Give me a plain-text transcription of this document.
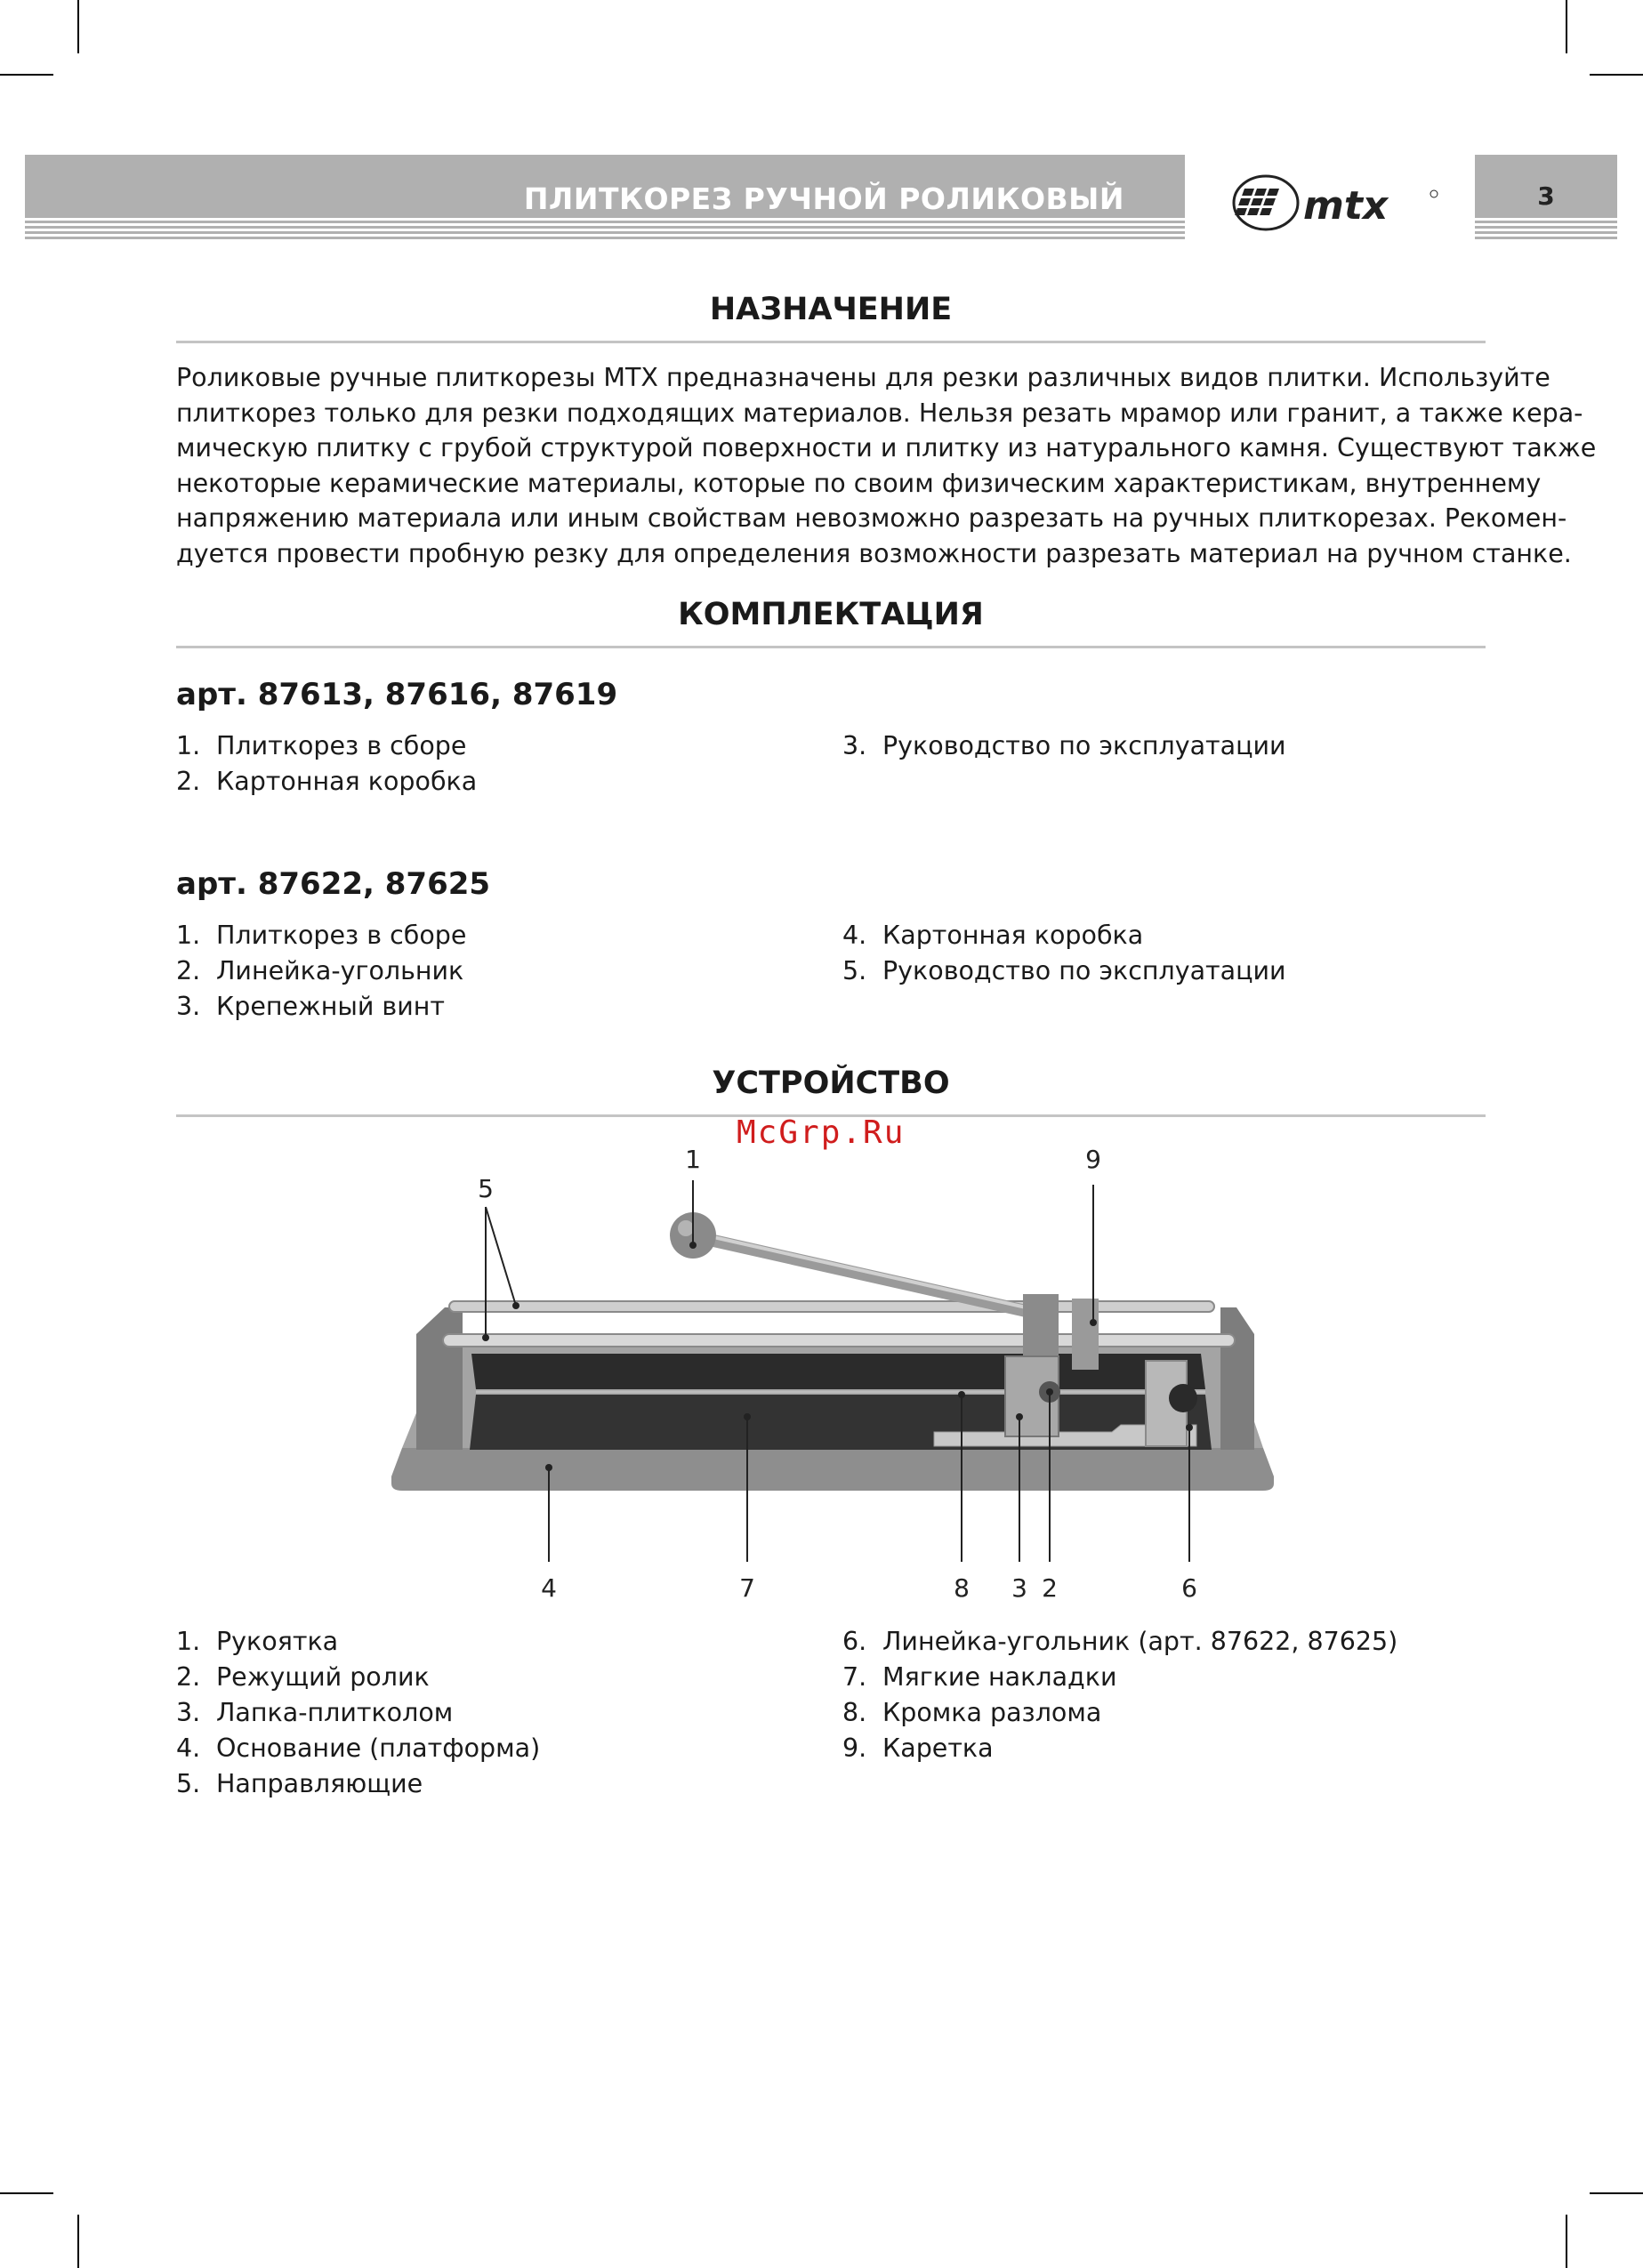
ПЛИТКОРЕЗ РУЧНОЙ РОЛИКОВЫЙ	mtx	3
НАЗНАЧЕНИЕ
Роликовые ручные плиткорезы МТХ предназначены для резки различных видов плитки. Используйте
плиткорез только для резки подходящих материалов. Нельзя резать мрамор или гранит, а также кера-
мическую плитку с грубой структурой поверхности и плитку из натурального камня. Существуют также
некоторые керамические материалы, которые по своим физическим характеристикам, внутреннему
напряжению материала или иным свойствам невозможно разрезать на ручных плиткорезах. Рекомен-
дуется провести пробную резку для определения возможности разрезать материал на ручном станке.
КОМПЛЕКТАЦИЯ
арт. 87613, 87616, 87619
1. Плиткорез в сборе
2. Картонная коробка
3. Руководство по эксплуатации
арт. 87622, 87625
1. Плиткорез в сборе
2. Линейка-угольник
3. Крепежный винт
4. Картонная коробка
5. Руководство по эксплуатации
УСТРОЙСТВО
McGrp.Ru
1	9
5
4	7	8 3 2	6
1. Рукоятка
2. Режущий ролик
3. Лапка-плитколом
4. Основание (платформа)
5. Направляющие
6. Линейка-угольник (арт. 87622, 87625)
7. Мягкие накладки
8. Кромка разлома
9. Каретка
